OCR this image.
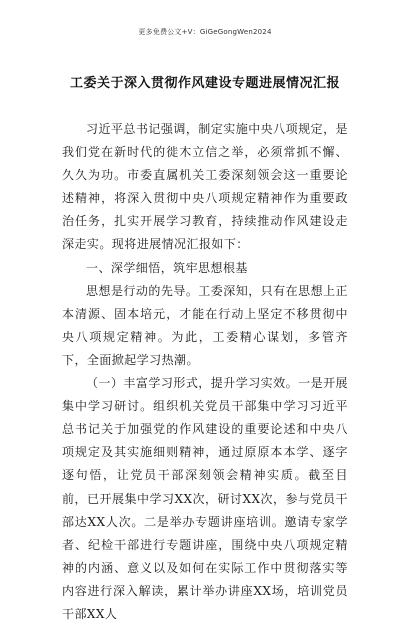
更多免费公文+V：GiGeGongWen2024
工委关于深入贯彻作风建设专题进展情况汇报

习近平总书记强调，制定实施中央八项规定，是我们党在新时代的徙木立信之举，必须常抓不懈、久久为功。市委直属机关工委深刻领会这一重要论述精神，将深入贯彻中央八项规定精神作为重要政治任务，扎实开展学习教育，持续推动作风建设走深走实。现将进展情况汇报如下：

一、深学细悟，筑牢思想根基

思想是行动的先导。工委深知，只有在思想上正本清源、固本培元，才能在行动上坚定不移贯彻中央八项规定精神。为此，工委精心谋划，多管齐下，全面掀起学习热潮。

（一）丰富学习形式，提升学习实效。一是开展集中学习研讨。组织机关党员干部集中学习习近平总书记关于加强党的作风建设的重要论述和中央八项规定及其实施细则精神，通过原原本本学、逐字逐句悟，让党员干部深刻领会精神实质。截至目前，已开展集中学习XX次，研讨XX次，参与党员干部达XX人次。二是举办专题讲座培训。邀请专家学者、纪检干部进行专题讲座，围绕中央八项规定精神的内涵、意义以及如何在实际工作中贯彻落实等内容进行深入解读，累计举办讲座XX场，培训党员干部XX人
